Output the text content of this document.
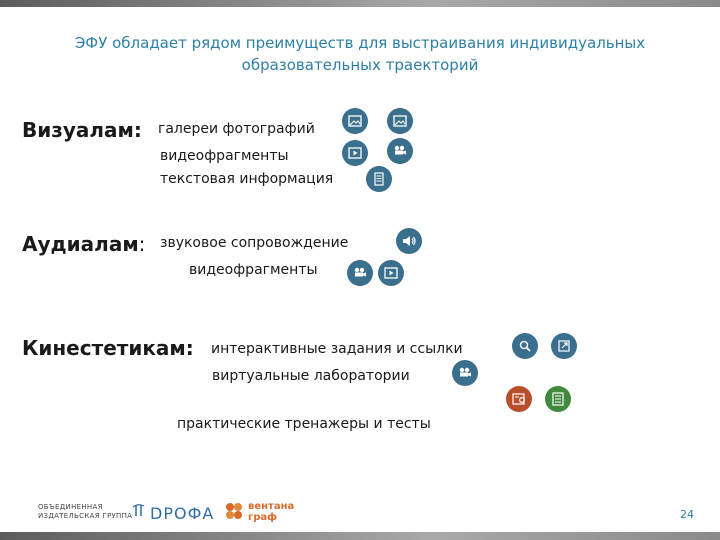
ЭФУ обладает рядом преимуществ для выстраивания индивидуальных образовательных траекторий
Визуалам: галереи фотографий
видеофрагменты
текстовая информация
Аудиалам: звуковое сопровождение
видеофрагменты
Кинестетикам: интерактивные задания и ссылки
виртуальные лаборатории
практические тренажеры и тесты
ОБЪЕДИНЕННАЯ
ИЗДАТЕЛЬСКАЯ ГРУППА DРОФА	вентана
граф	24
